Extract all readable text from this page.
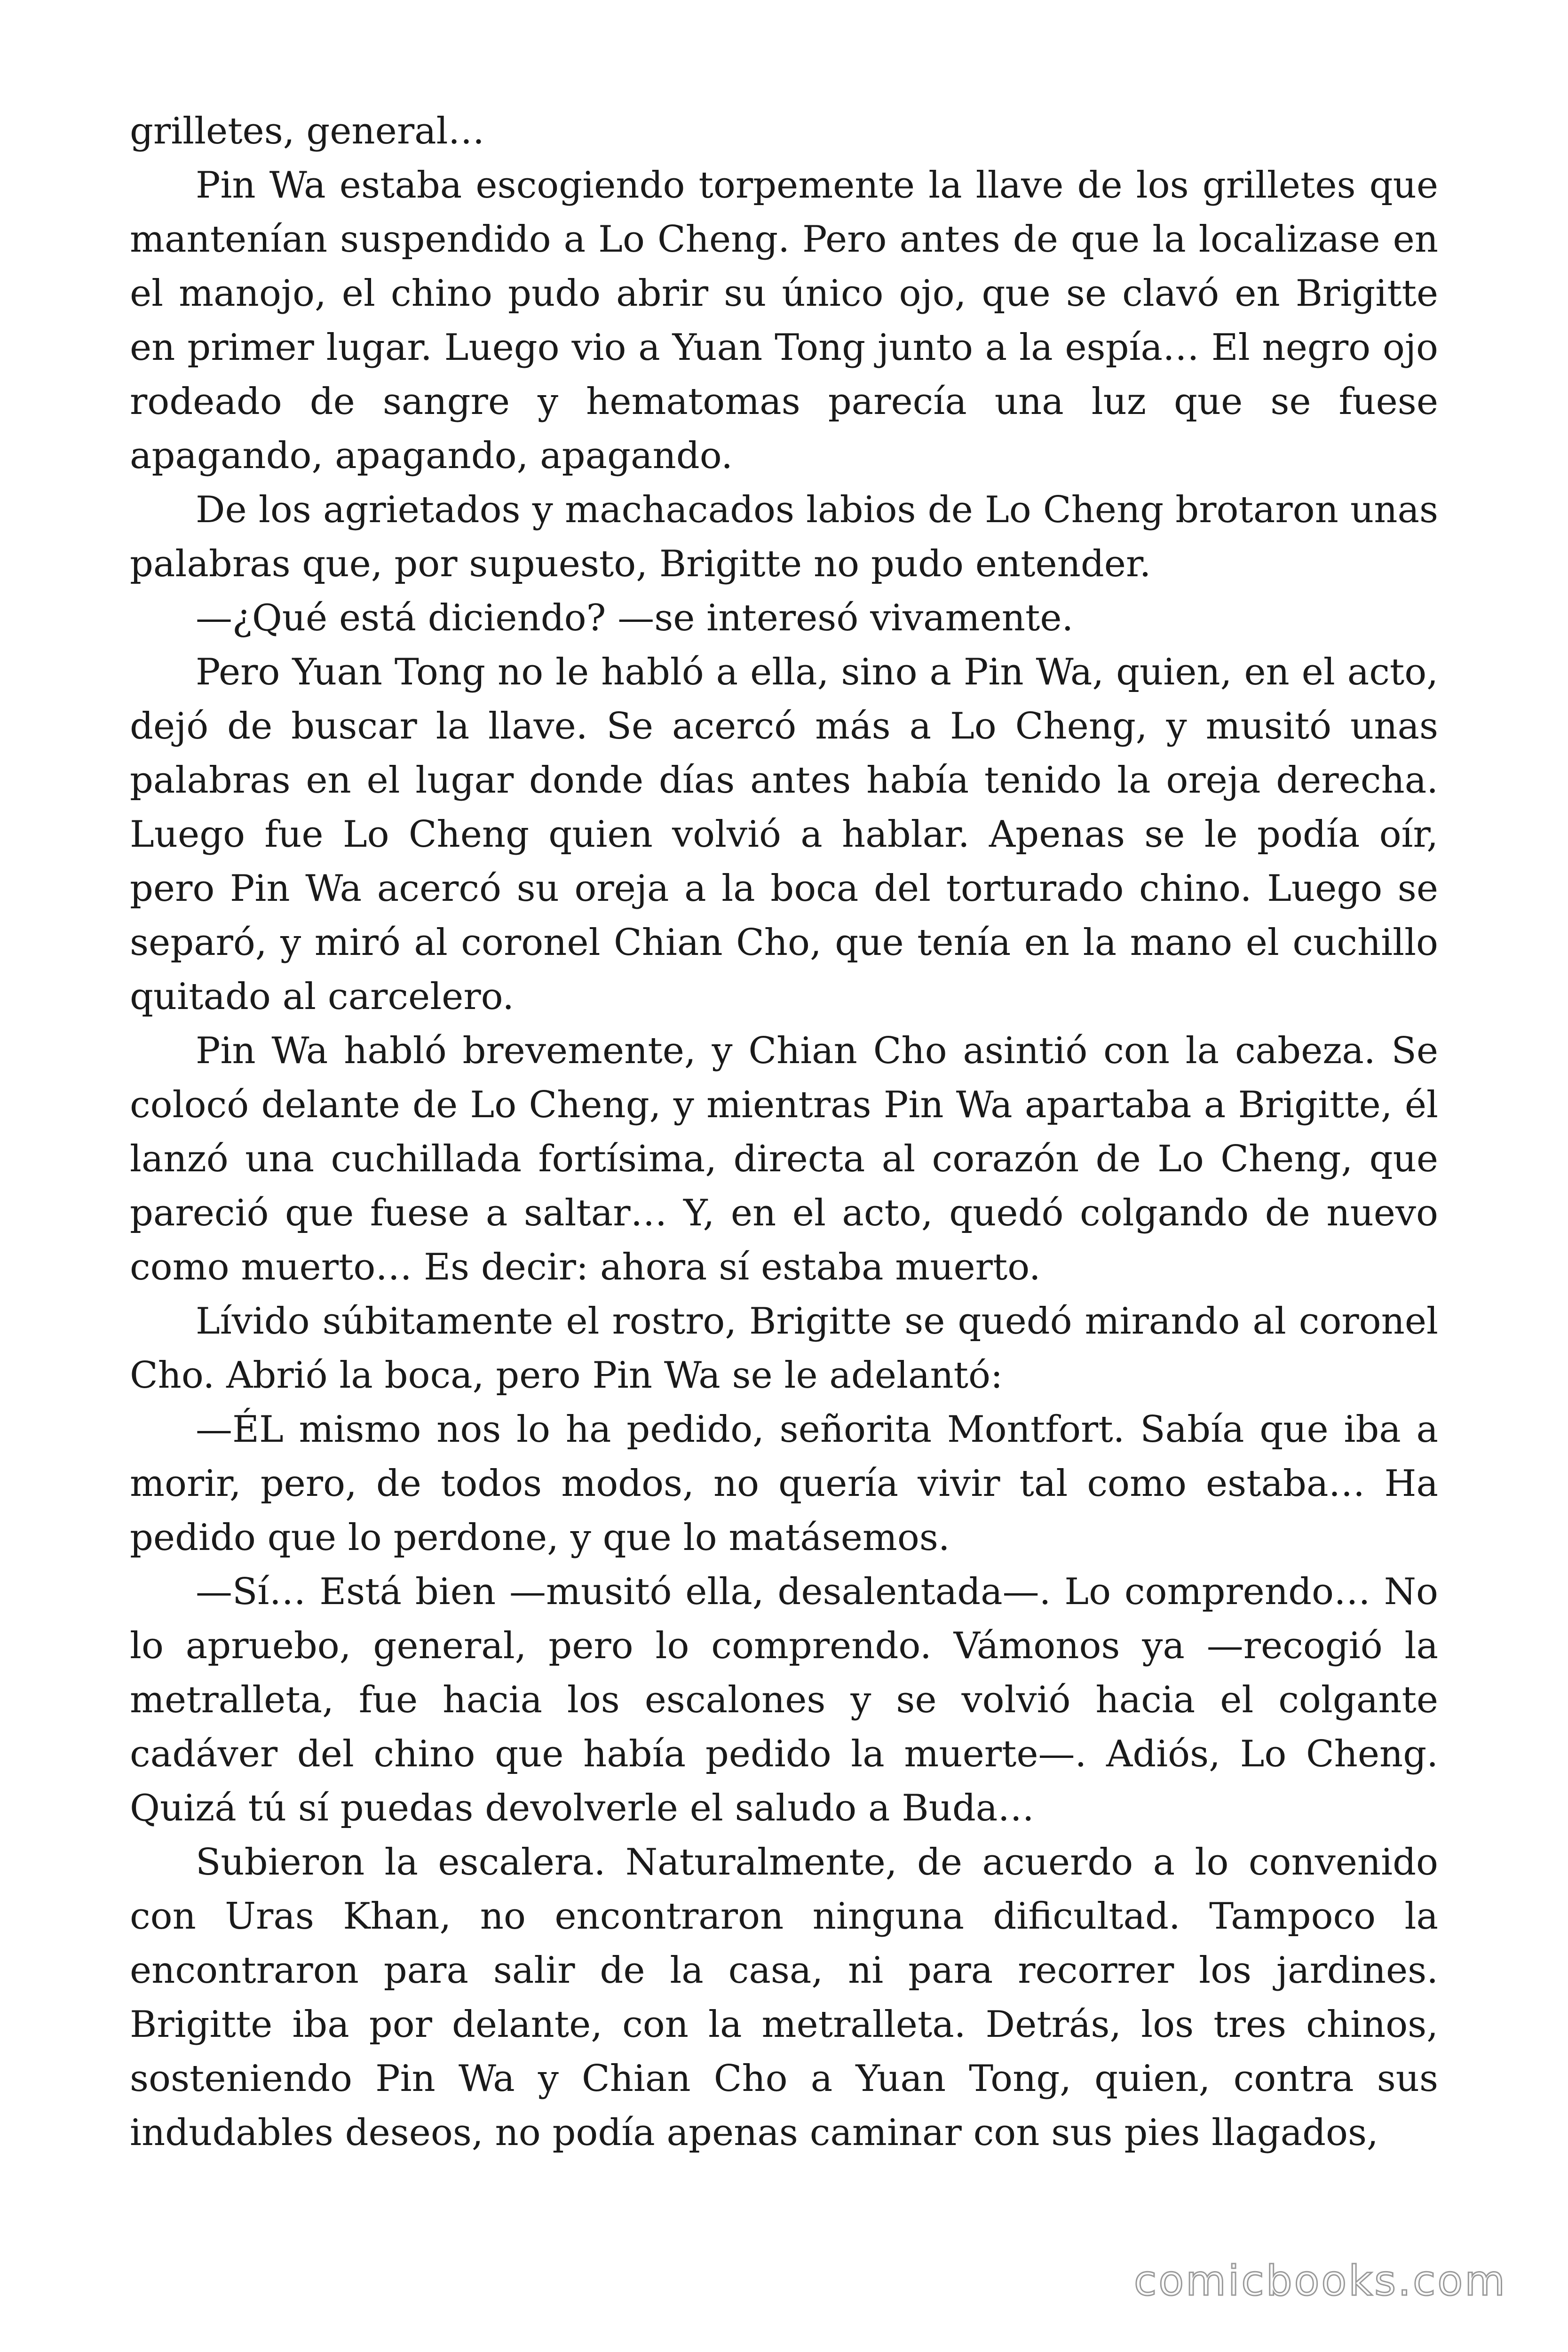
grilletes, general…

Pin Wa estaba escogiendo torpemente la llave de los grilletes que mantenían suspendido a Lo Cheng. Pero antes de que la localizase en el manojo, el chino pudo abrir su único ojo, que se clavó en Brigitte en primer lugar. Luego vio a Yuan Tong junto a la espía… El negro ojo rodeado de sangre y hematomas parecía una luz que se fuese apagando, apagando, apagando.

De los agrietados y machacados labios de Lo Cheng brotaron unas palabras que, por supuesto, Brigitte no pudo entender.

—¿Qué está diciendo? —se interesó vivamente.

Pero Yuan Tong no le habló a ella, sino a Pin Wa, quien, en el acto, dejó de buscar la llave. Se acercó más a Lo Cheng, y musitó unas palabras en el lugar donde días antes había tenido la oreja derecha. Luego fue Lo Cheng quien volvió a hablar. Apenas se le podía oír, pero Pin Wa acercó su oreja a la boca del torturado chino. Luego se separó, y miró al coronel Chian Cho, que tenía en la mano el cuchillo quitado al carcelero.

Pin Wa habló brevemente, y Chian Cho asintió con la cabeza. Se colocó delante de Lo Cheng, y mientras Pin Wa apartaba a Brigitte, él lanzó una cuchillada fortísima, directa al corazón de Lo Cheng, que pareció que fuese a saltar… Y, en el acto, quedó colgando de nuevo como muerto… Es decir: ahora sí estaba muerto.

Lívido súbitamente el rostro, Brigitte se quedó mirando al coronel Cho. Abrió la boca, pero Pin Wa se le adelantó:

—ÉL mismo nos lo ha pedido, señorita Montfort. Sabía que iba a morir, pero, de todos modos, no quería vivir tal como estaba… Ha pedido que lo perdone, y que lo matásemos.

—Sí… Está bien —musitó ella, desalentada—. Lo comprendo… No lo apruebo, general, pero lo comprendo. Vámonos ya —recogió la metralleta, fue hacia los escalones y se volvió hacia el colgante cadáver del chino que había pedido la muerte—. Adiós, Lo Cheng. Quizá tú sí puedas devolverle el saludo a Buda…

Subieron la escalera. Naturalmente, de acuerdo a lo convenido con Uras Khan, no encontraron ninguna dificultad. Tampoco la encontraron para salir de la casa, ni para recorrer los jardines. Brigitte iba por delante, con la metralleta. Detrás, los tres chinos, sosteniendo Pin Wa y Chian Cho a Yuan Tong, quien, contra sus indudables deseos, no podía apenas caminar con sus pies llagados,

comicbooks.com
